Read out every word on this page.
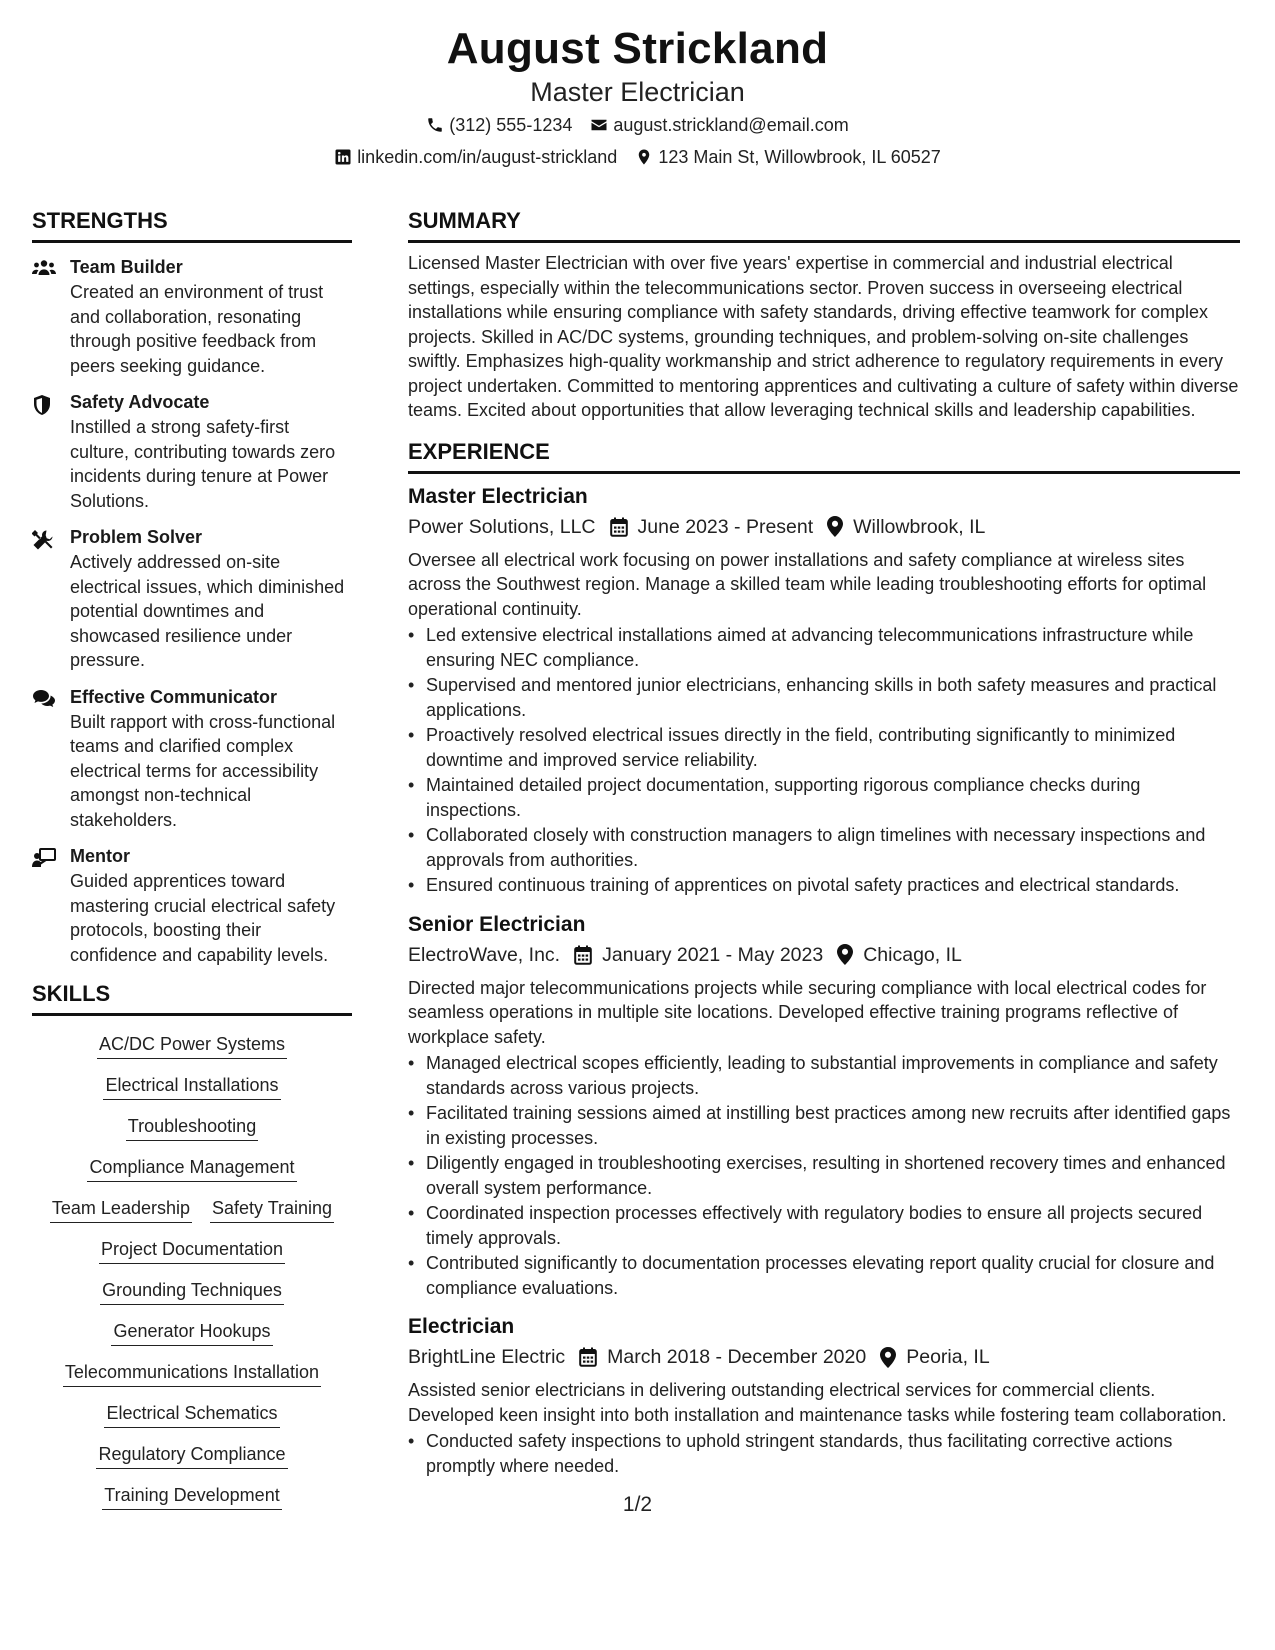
August Strickland
Master Electrician
(312) 555-1234 august.strickland@email.com
linkedin.com/in/august-strickland 123 Main St, Willowbrook, IL 60527
STRENGTHS
Team Builder
Created an environment of trust and collaboration, resonating through positive feedback from peers seeking guidance.
Safety Advocate
Instilled a strong safety-first culture, contributing towards zero incidents during tenure at Power Solutions.
Problem Solver
Actively addressed on-site electrical issues, which diminished potential downtimes and showcased resilience under pressure.
Effective Communicator
Built rapport with cross-functional teams and clarified complex electrical terms for accessibility amongst non-technical stakeholders.
Mentor
Guided apprentices toward mastering crucial electrical safety protocols, boosting their confidence and capability levels.
SKILLS
AC/DC Power Systems
Electrical Installations
Troubleshooting
Compliance Management
Team Leadership Safety Training
Project Documentation
Grounding Techniques
Generator Hookups
Telecommunications Installation
Electrical Schematics
Regulatory Compliance
Training Development
SUMMARY

Licensed Master Electrician with over five years' expertise in commercial and industrial electrical settings, especially within the telecommunications sector. Proven success in overseeing electrical installations while ensuring compliance with safety standards, driving effective teamwork for complex projects. Skilled in AC/DC systems, grounding techniques, and problem-solving on-site challenges swiftly. Emphasizes high-quality workmanship and strict adherence to regulatory requirements in every project undertaken. Committed to mentoring apprentices and cultivating a culture of safety within diverse teams. Excited about opportunities that allow leveraging technical skills and leadership capabilities.

EXPERIENCE
Master Electrician
Power Solutions, LLC June 2023 - Present Willowbrook, IL

Oversee all electrical work focusing on power installations and safety compliance at wireless sites across the Southwest region. Manage a skilled team while leading troubleshooting efforts for optimal operational continuity.

• Led extensive electrical installations aimed at advancing telecommunications infrastructure while ensuring NEC compliance.
• Supervised and mentored junior electricians, enhancing skills in both safety measures and practical applications.
• Proactively resolved electrical issues directly in the field, contributing significantly to minimized downtime and improved service reliability.
• Maintained detailed project documentation, supporting rigorous compliance checks during inspections.
• Collaborated closely with construction managers to align timelines with necessary inspections and approvals from authorities.
• Ensured continuous training of apprentices on pivotal safety practices and electrical standards.
Senior Electrician
ElectroWave, Inc. January 2021 - May 2023 Chicago, IL

Directed major telecommunications projects while securing compliance with local electrical codes for seamless operations in multiple site locations. Developed effective training programs reflective of workplace safety.

• Managed electrical scopes efficiently, leading to substantial improvements in compliance and safety standards across various projects.
• Facilitated training sessions aimed at instilling best practices among new recruits after identified gaps in existing processes.
• Diligently engaged in troubleshooting exercises, resulting in shortened recovery times and enhanced overall system performance.
• Coordinated inspection processes effectively with regulatory bodies to ensure all projects secured timely approvals.
• Contributed significantly to documentation processes elevating report quality crucial for closure and compliance evaluations.
Electrician
BrightLine Electric March 2018 - December 2020 Peoria, IL

Assisted senior electricians in delivering outstanding electrical services for commercial clients. Developed keen insight into both installation and maintenance tasks while fostering team collaboration.

• Conducted safety inspections to uphold stringent standards, thus facilitating corrective actions promptly where needed.
1/2
